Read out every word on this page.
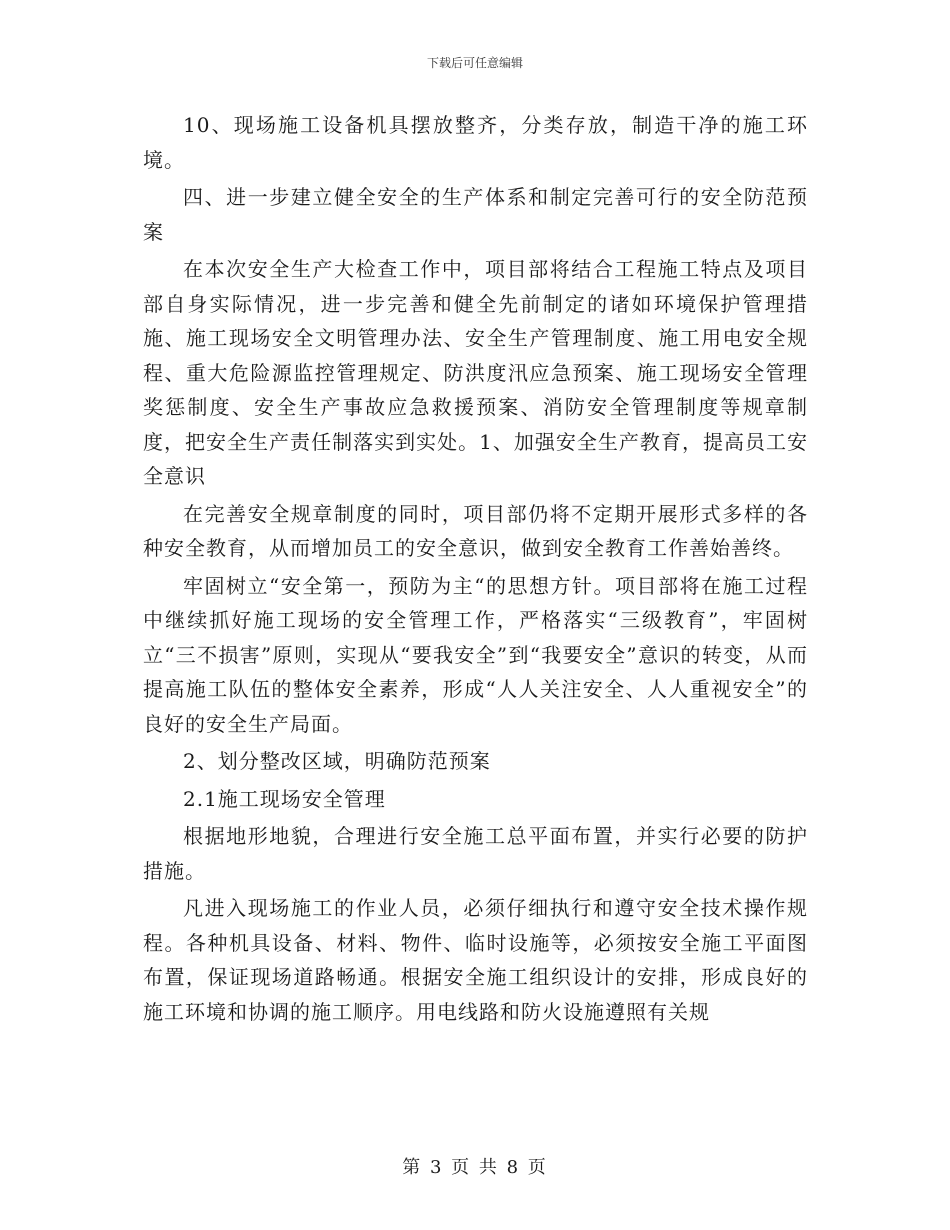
下载后可任意编辑

10、现场施工设备机具摆放整齐，分类存放，制造干净的施工环境。

四、进一步建立健全安全的生产体系和制定完善可行的安全防范预案

在本次安全生产大检查工作中，项目部将结合工程施工特点及项目部自身实际情况，进一步完善和健全先前制定的诸如环境保护管理措施、施工现场安全文明管理办法、安全生产管理制度、施工用电安全规程、重大危险源监控管理规定、防洪度汛应急预案、施工现场安全管理奖惩制度、安全生产事故应急救援预案、消防安全管理制度等规章制度，把安全生产责任制落实到实处。1、加强安全生产教育，提高员工安全意识

在完善安全规章制度的同时，项目部仍将不定期开展形式多样的各种安全教育，从而增加员工的安全意识，做到安全教育工作善始善终。

牢固树立“安全第一，预防为主“的思想方针。项目部将在施工过程中继续抓好施工现场的安全管理工作，严格落实“三级教育”，牢固树立“三不损害”原则，实现从“要我安全”到“我要安全”意识的转变，从而提高施工队伍的整体安全素养，形成“人人关注安全、人人重视安全”的良好的安全生产局面。

2、划分整改区域，明确防范预案

2.1施工现场安全管理

根据地形地貌，合理进行安全施工总平面布置，并实行必要的防护措施。

凡进入现场施工的作业人员，必须仔细执行和遵守安全技术操作规程。各种机具设备、材料、物件、临时设施等，必须按安全施工平面图布置，保证现场道路畅通。根据安全施工组织设计的安排，形成良好的施工环境和协调的施工顺序。用电线路和防火设施遵照有关规

第 3 页 共 8 页
